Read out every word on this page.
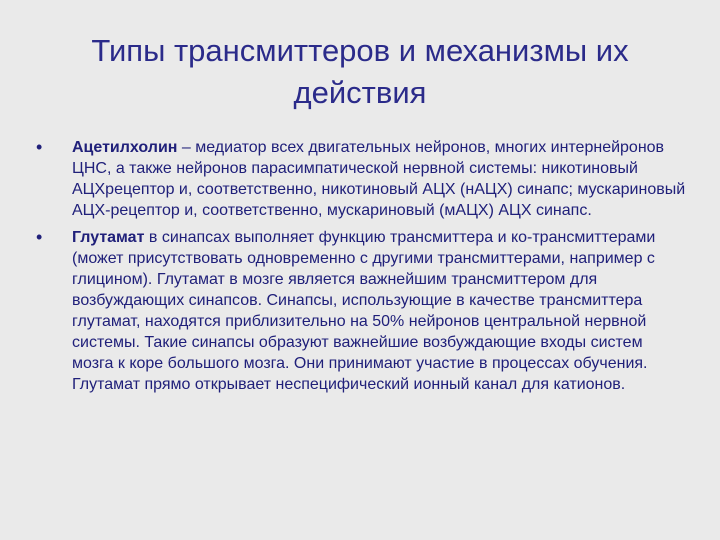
Типы трансмиттеров и механизмы их действия
• Ацетилхолин – медиатор всех двигательных нейронов, многих интернейронов ЦНС, а также нейронов парасимпатической нервной системы: никотиновый АЦХрецептор и, соответственно, никотиновый АЦХ (нАЦХ) синапс; мускариновый АЦХ-рецептор и, соответственно, мускариновый (мАЦХ) АЦХ синапс.
• Глутамат в синапсах выполняет функцию трансмиттера и ко-трансмиттерами (может присутствовать одновременно с другими трансмиттерами, например с глицином). Глутамат в мозге является важнейшим трансмиттером для возбуждающих синапсов. Синапсы, использующие в качестве трансмиттера глутамат, находятся приблизительно на 50% нейронов центральной нервной системы. Такие синапсы образуют важнейшие возбуждающие входы систем мозга к коре большого мозга. Они принимают участие в процессах обучения. Глутамат прямо открывает неспецифический ионный канал для катионов.
